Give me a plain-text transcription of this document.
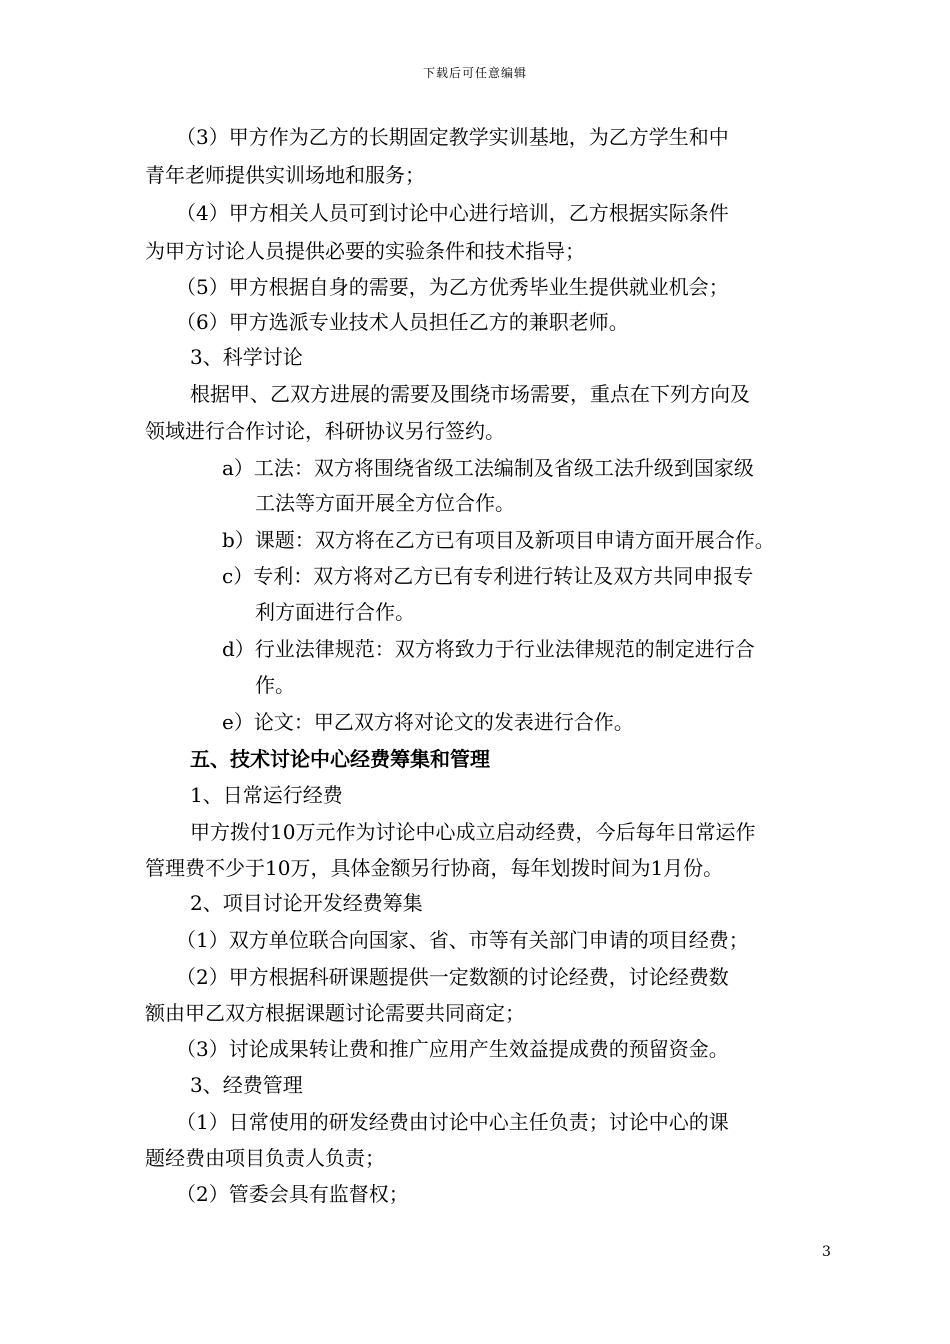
下载后可任意编辑
（3）甲方作为乙方的长期固定教学实训基地，为乙方学生和中
青年老师提供实训场地和服务；
（4）甲方相关人员可到讨论中心进行培训，乙方根据实际条件
为甲方讨论人员提供必要的实验条件和技术指导；
（5）甲方根据自身的需要，为乙方优秀毕业生提供就业机会；
（6）甲方选派专业技术人员担任乙方的兼职老师。
3、科学讨论
根据甲、乙双方进展的需要及围绕市场需要，重点在下列方向及
领域进行合作讨论，科研协议另行签约。
a）工法：双方将围绕省级工法编制及省级工法升级到国家级
工法等方面开展全方位合作。
b）课题：双方将在乙方已有项目及新项目申请方面开展合作。
c）专利：双方将对乙方已有专利进行转让及双方共同申报专
利方面进行合作。
d）行业法律规范：双方将致力于行业法律规范的制定进行合
作。
e）论文：甲乙双方将对论文的发表进行合作。
五、技术讨论中心经费筹集和管理
1、日常运行经费
甲方拨付10万元作为讨论中心成立启动经费，今后每年日常运作
管理费不少于10万，具体金额另行协商，每年划拨时间为1月份。
2、项目讨论开发经费筹集
（1）双方单位联合向国家、省、市等有关部门申请的项目经费；
（2）甲方根据科研课题提供一定数额的讨论经费，讨论经费数
额由甲乙双方根据课题讨论需要共同商定；
（3）讨论成果转让费和推广应用产生效益提成费的预留资金。
3、经费管理
（1）日常使用的研发经费由讨论中心主任负责；讨论中心的课
题经费由项目负责人负责；
（2）管委会具有监督权；
3
